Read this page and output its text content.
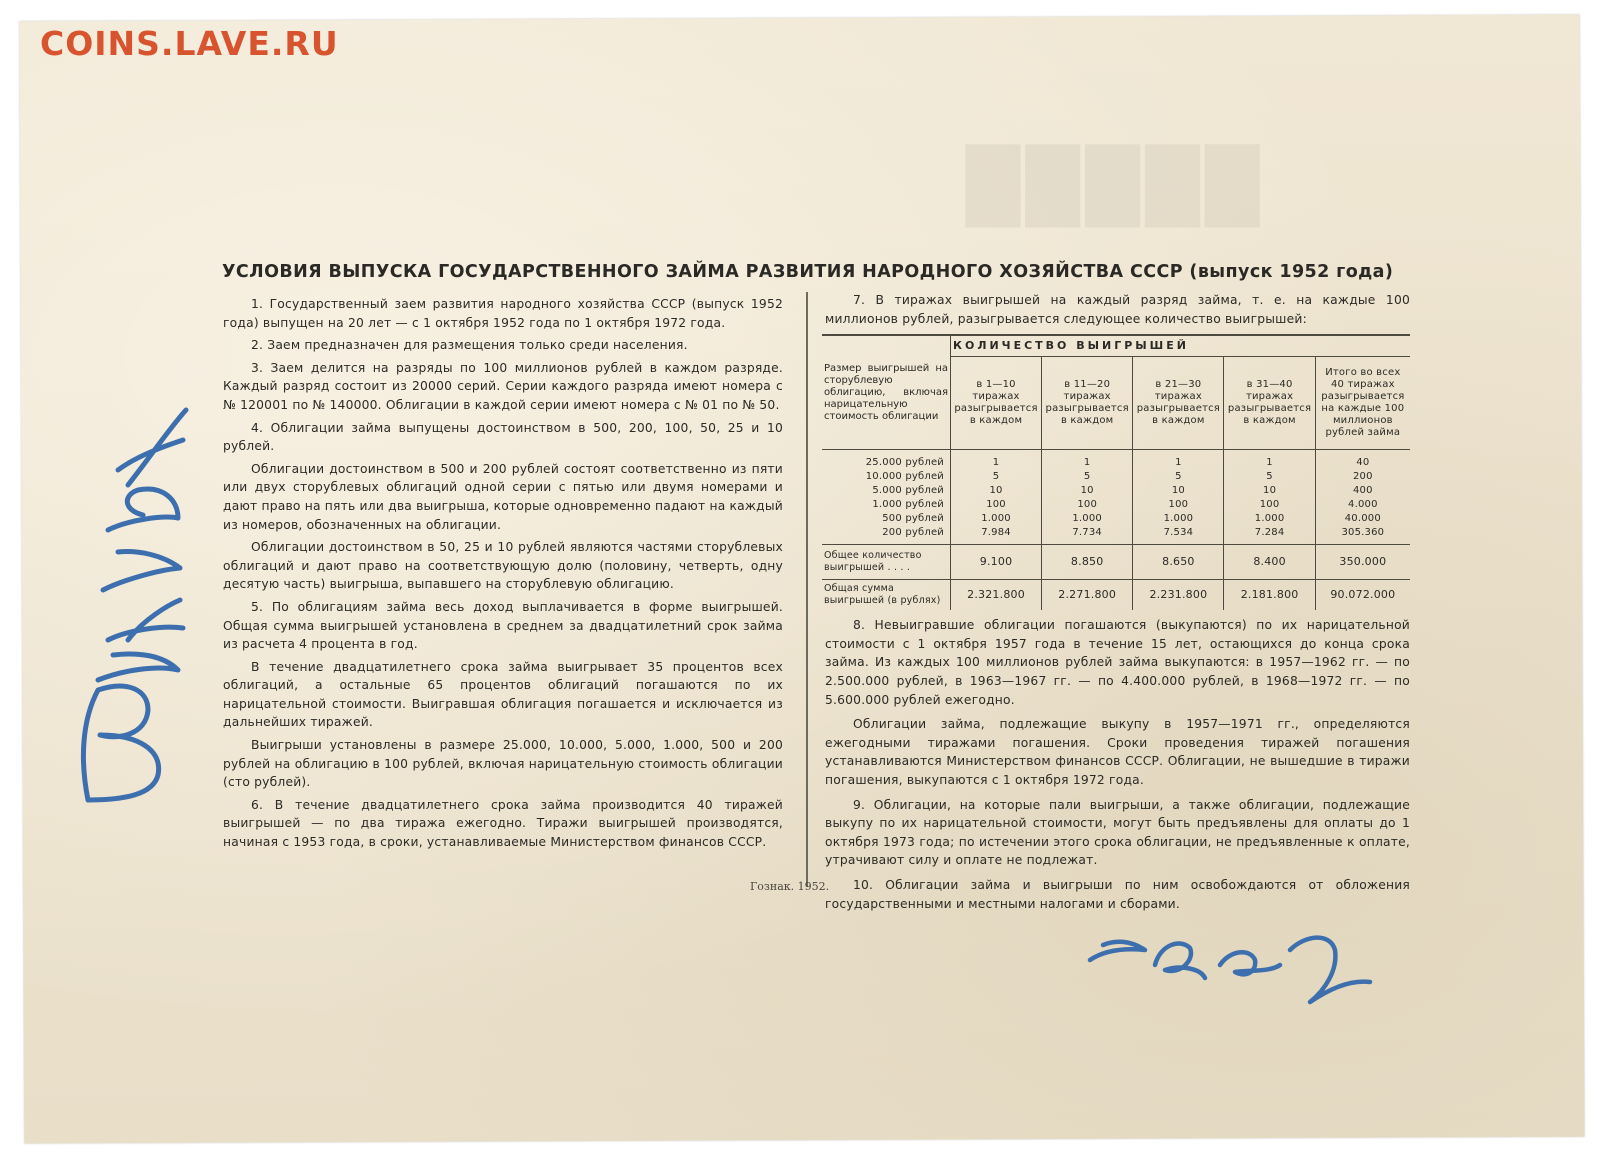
COINS.LAVE.RU
█████
УСЛОВИЯ ВЫПУСКА ГОСУДАРСТВЕННОГО ЗАЙМА РАЗВИТИЯ НАРОДНОГО ХОЗЯЙСТВА СССР (выпуск 1952 года)

1. Государственный заем развития народного хозяйства СССР (выпуск 1952 года) выпущен на 20 лет — с 1 октября 1952 года по 1 октября 1972 года.

2. Заем предназначен для размещения только среди населения.

3. Заем делится на разряды по 100 миллионов рублей в каждом разряде. Каждый разряд состоит из 20000 серий. Серии каждого разряда имеют номера с № 120001 по № 140000. Облигации в каждой серии имеют номера с № 01 по № 50.

4. Облигации займа выпущены достоинством в 500, 200, 100, 50, 25 и 10 рублей.

Облигации достоинством в 500 и 200 рублей состоят соответственно из пяти или двух сторублевых облигаций одной серии с пятью или двумя номерами и дают право на пять или два выигрыша, которые одновременно падают на каждый из номеров, обозначенных на облигации.

Облигации достоинством в 50, 25 и 10 рублей являются частями сторублевых облигаций и дают право на соответствующую долю (половину, четверть, одну десятую часть) выигрыша, выпавшего на сторублевую облигацию.

5. По облигациям займа весь доход выплачивается в форме выигрышей. Общая сумма выигрышей установлена в среднем за двадцатилетний срок займа из расчета 4 процента в год.

В течение двадцатилетнего срока займа выигрывает 35 процентов всех облигаций, а остальные 65 процентов облигаций погашаются по их нарицательной стоимости. Выигравшая облигация погашается и исключается из дальнейших тиражей.

Выигрыши установлены в размере 25.000, 10.000, 5.000, 1.000, 500 и 200 рублей на облигацию в 100 рублей, включая нарицательную стоимость облигации (сто рублей).

6. В течение двадцатилетнего срока займа производится 40 тиражей выигрышей — по два тиража ежегодно. Тиражи выигрышей производятся, начиная с 1953 года, в сроки, устанавливаемые Министерством финансов СССР.

7. В тиражах выигрышей на каждый разряд займа, т. е. на каждые 100 миллионов рублей, разыгрывается следующее количество выигрышей:

Размер выигрышей на сторублевую облигацию, включая нарицательную стоимость облигации	КОЛИЧЕСТВО ВЫИГРЫШЕЙ				
	в 1—10 тиражах разыгрывается в каждом	в 11—20 тиражах разыгрывается в каждом	в 21—30 тиражах разыгрывается в каждом	в 31—40 тиражах разыгрывается в каждом	Итого во всех 40 тиражах разыгрывается на каждые 100 миллионов рублей займа
25.000 рублей	1	1	1	1	40
10.000 рублей	5	5	5	5	200
5.000 рублей	10	10	10	10	400
1.000 рублей	100	100	100	100	4.000
500 рублей	1.000	1.000	1.000	1.000	40.000
200 рублей	7.984	7.734	7.534	7.284	305.360
Общее количество выигрышей . . . .	9.100	8.850	8.650	8.400	350.000
Общая сумма выигрышей (в рублях)	2.321.800	2.271.800	2.231.800	2.181.800	90.072.000

8. Невыигравшие облигации погашаются (выкупаются) по их нарицательной стоимости с 1 октября 1957 года в течение 15 лет, остающихся до конца срока займа. Из каждых 100 миллионов рублей займа выкупаются: в 1957—1962 гг. — по 2.500.000 рублей, в 1963—1967 гг. — по 4.400.000 рублей, в 1968—1972 гг. — по 5.600.000 рублей ежегодно.

Облигации займа, подлежащие выкупу в 1957—1971 гг., определяются ежегодными тиражами погашения. Сроки проведения тиражей погашения устанавливаются Министерством финансов СССР. Облигации, не вышедшие в тиражи погашения, выкупаются с 1 октября 1972 года.

9. Облигации, на которые пали выигрыши, а также облигации, подлежащие выкупу по их нарицательной стоимости, могут быть предъявлены для оплаты до 1 октября 1973 года; по истечении этого срока облигации, не предъявленные к оплате, утрачивают силу и оплате не подлежат.

10. Облигации займа и выигрыши по ним освобождаются от обложения государственными и местными налогами и сборами.

Гознак. 1952.
